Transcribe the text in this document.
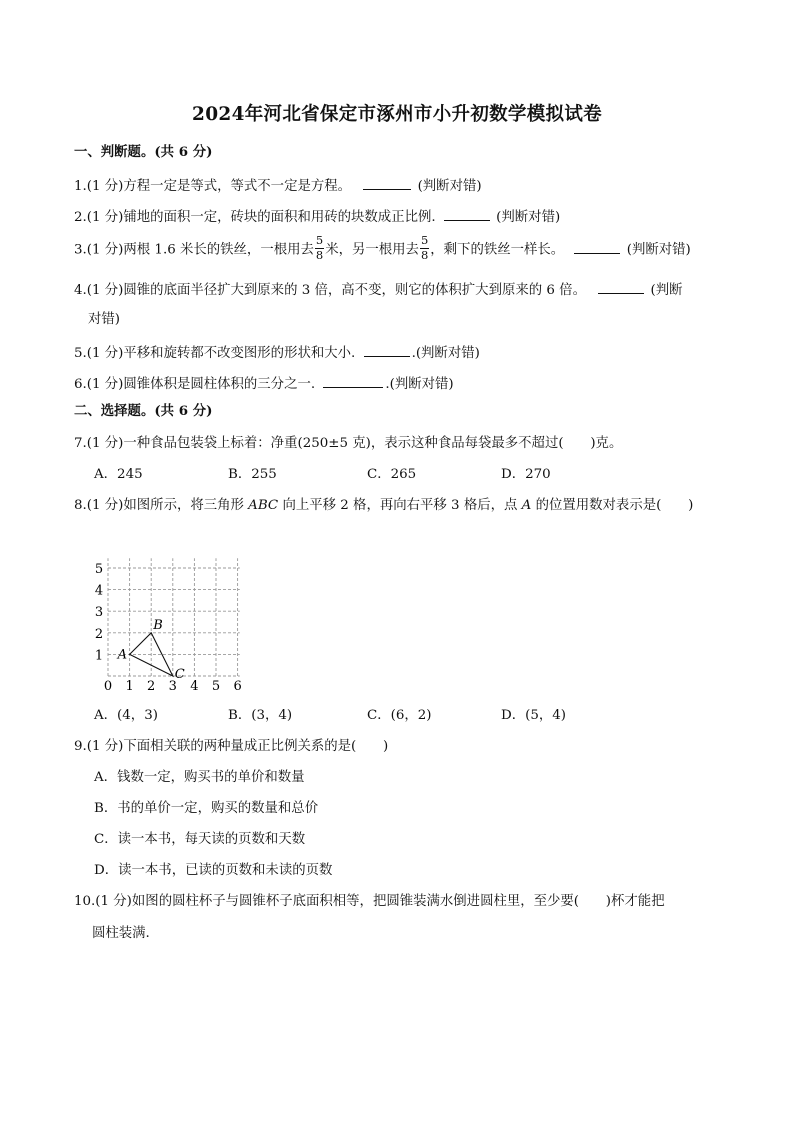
2024年河北省保定市涿州市小升初数学模拟试卷
一、判断题。(共 6 分)
1.(1 分)方程一定是等式，等式不一定是方程。	(判断对错)
2.(1 分)铺地的面积一定，砖块的面积和用砖的块数成正比例.	(判断对错)
3.(1 分)两根 1.6 米长的铁丝，一根用去 $\frac{5}{8}$ 米，另一根用去 $\frac{5}{8}$ ，剩下的铁丝一样长。	(判断对错)
4.(1 分)圆锥的底面半径扩大到原来的 3 倍，高不变，则它的体积扩大到原来的 6 倍。	(判断
对错)
5.(1 分)平移和旋转都不改变图形的形状和大小.	.(判断对错)
6.(1 分)圆锥体积是圆柱体积的三分之一.	.(判断对错)
二、选择题。(共 6 分)
7.(1 分)一种食品包装袋上标着：净重(250±5 克)，表示这种食品每袋最多不超过(　　)克。
A．245	B．255	C．265	D．270
8.(1 分)如图所示，将三角形 ABC 向上平移 2 格，再向右平移 3 格后，点 A 的位置用数对表示是(　　)
0 1 2 3 4 5 6
1
2
3
4
5
A
B
C
A．(4，3)	B．(3，4)	C．(6，2)	D．(5，4)
9.(1 分)下面相关联的两种量成正比例关系的是(　　)
A．钱数一定，购买书的单价和数量
B．书的单价一定，购买的数量和总价
C．读一本书，每天读的页数和天数
D．读一本书，已读的页数和未读的页数
10.(1 分)如图的圆柱杯子与圆锥杯子底面积相等，把圆锥装满水倒进圆柱里，至少要(　　)杯才能把
圆柱装满.
